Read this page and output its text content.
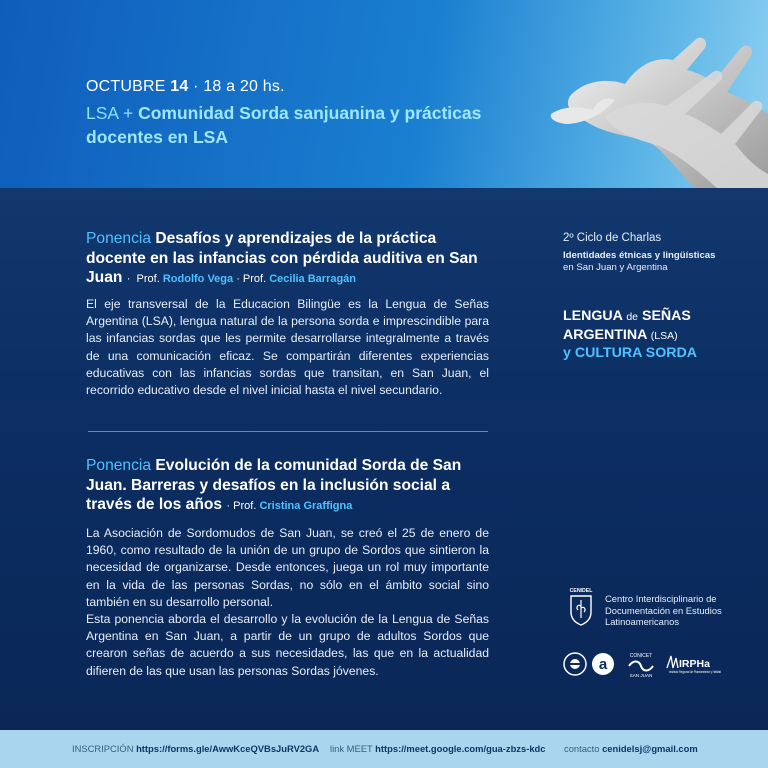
OCTUBRE 14 · 18 a 20 hs.
LSA + Comunidad Sorda sanjuanina y prácticas docentes en LSA
Ponencia Desafíos y aprendizajes de la práctica docente en las infancias con pérdida auditiva en San Juan · Prof. Rodolfo Vega · Prof. Cecilia Barragán
El eje transversal de la Educacion Bilingüe es la Lengua de Señas Argentina (LSA), lengua natural de la persona sorda e imprescindible para las infancias sordas que les permite desarrollarse integralmente a través de una comunicación eficaz. Se compartirán diferentes experiencias educativas con las infancias sordas que transitan, en San Juan, el recorrido educativo desde el nivel inicial hasta el nivel secundario.
Ponencia Evolución de la comunidad Sorda de San Juan. Barreras y desafíos en la inclusión social a través de los años · Prof. Cristina Graffigna
La Asociación de Sordomudos de San Juan, se creó el 25 de enero de 1960, como resultado de la unión de un grupo de Sordos que sintieron la necesidad de organizarse. Desde entonces, juega un rol muy importante en la vida de las personas Sordas, no sólo en el ámbito social sino también en su desarrollo personal.
Esta ponencia aborda el desarrollo y la evolución de la Lengua de Señas Argentina en San Juan, a partir de un grupo de adultos Sordos que crearon señas de acuerdo a sus necesidades, las que en la actualidad difieren de las que usan las personas Sordas jóvenes.
2º Ciclo de Charlas
Identidades étnicas y lingüísticas en San Juan y Argentina
LENGUA de SEÑAS ARGENTINA (LSA)
y CULTURA SORDA
CENIDEL
Centro Interdisciplinario de Documentación en Estudios Latinoamericanos
a	CONICET
SAN JUAN
IRPHa
Instituto Regional de Planeamiento y Hábitat
INSCRIPCIÓN https://forms.gle/AwwKceQVBsJuRV2GA link MEET https://meet.google.com/gua-zbzs-kdc contacto cenidelsj@gmail.com
